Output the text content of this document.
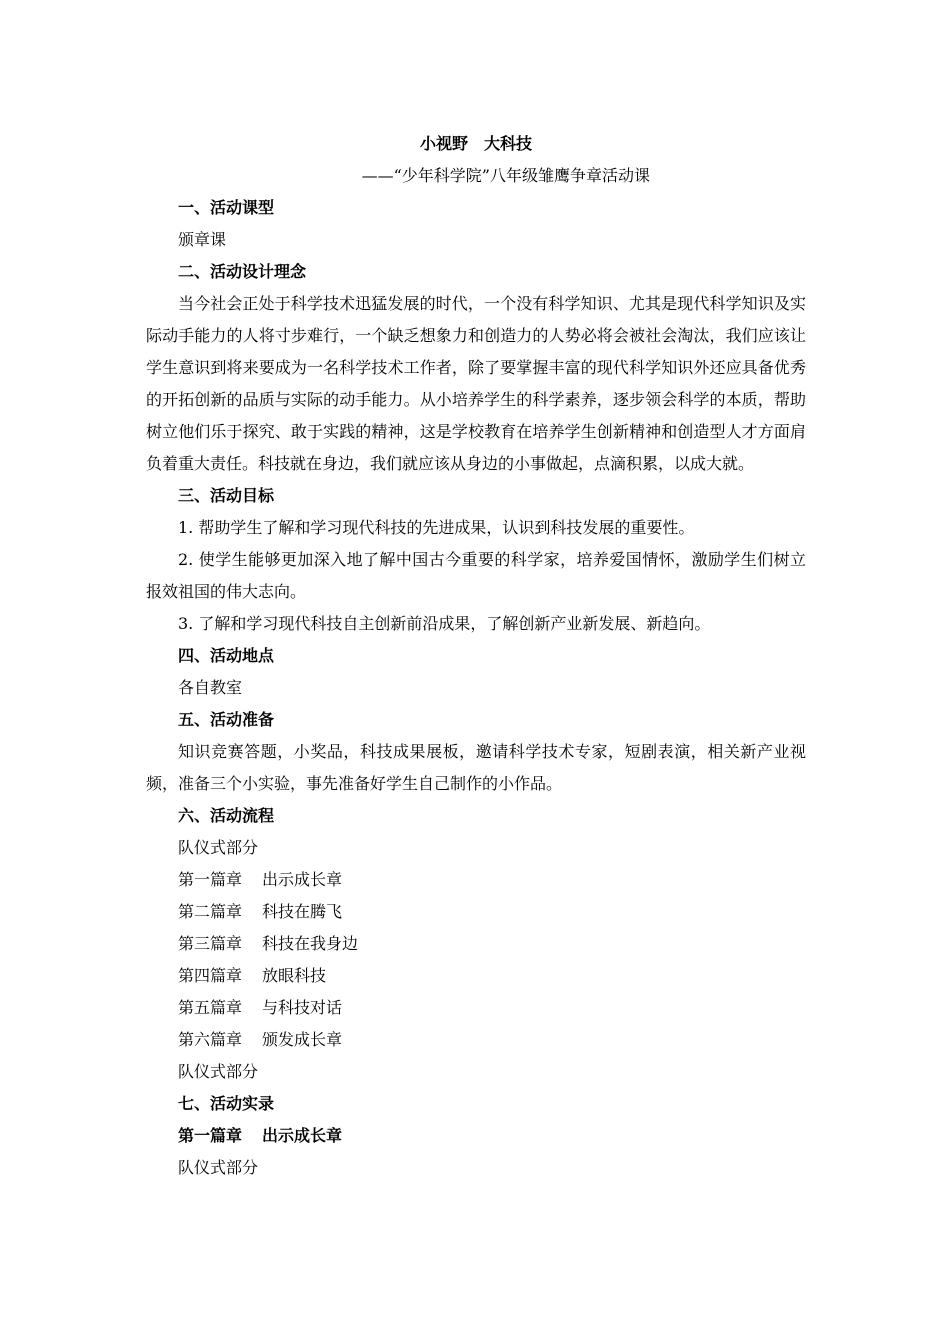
小视野　大科技

——“少年科学院”八年级雏鹰争章活动课

一、活动课型

颁章课

二、活动设计理念

当今社会正处于科学技术迅猛发展的时代，一个没有科学知识、尤其是现代科学知识及实际动手能力的人将寸步难行，一个缺乏想象力和创造力的人势必将会被社会淘汰，我们应该让学生意识到将来要成为一名科学技术工作者，除了要掌握丰富的现代科学知识外还应具备优秀的开拓创新的品质与实际的动手能力。从小培养学生的科学素养，逐步领会科学的本质，帮助树立他们乐于探究、敢于实践的精神，这是学校教育在培养学生创新精神和创造型人才方面肩负着重大责任。科技就在身边，我们就应该从身边的小事做起，点滴积累，以成大就。

三、活动目标

1. 帮助学生了解和学习现代科技的先进成果，认识到科技发展的重要性。

2. 使学生能够更加深入地了解中国古今重要的科学家，培养爱国情怀，激励学生们树立报效祖国的伟大志向。

3. 了解和学习现代科技自主创新前沿成果，了解创新产业新发展、新趋向。

四、活动地点

各自教室

五、活动准备

知识竞赛答题，小奖品，科技成果展板，邀请科学技术专家，短剧表演，相关新产业视频，准备三个小实验，事先准备好学生自己制作的小作品。

六、活动流程

队仪式部分

第一篇章 出示成长章

第二篇章 科技在腾飞

第三篇章 科技在我身边

第四篇章 放眼科技

第五篇章 与科技对话

第六篇章 颁发成长章

队仪式部分

七、活动实录

第一篇章 出示成长章

队仪式部分
